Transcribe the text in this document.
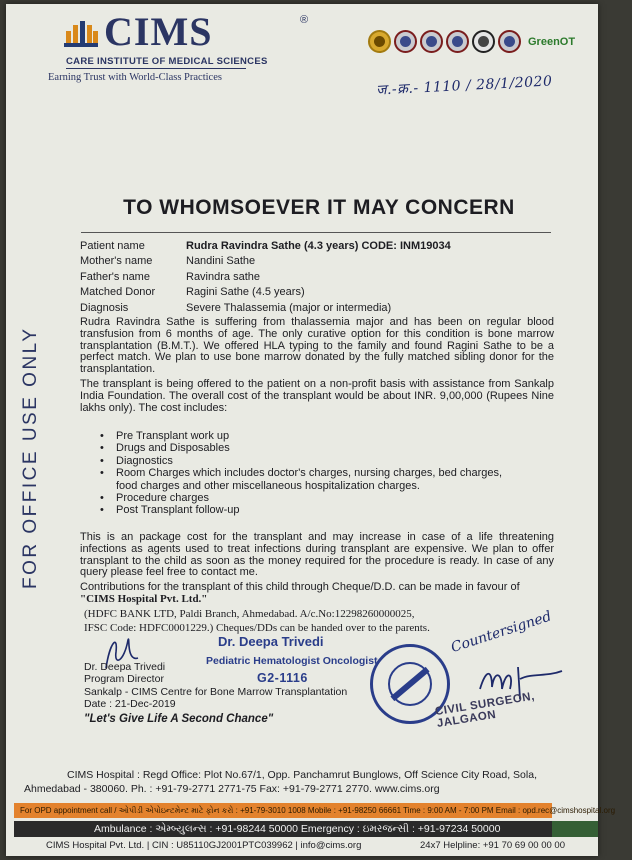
CIMS	®
CARE INSTITUTE OF MEDICAL SCIENCES
Earning Trust with World-Class Practices
GreenOT
ज.-क्र.- 1110 / 28/1/2020
FOR OFFICE USE ONLY
TO WHOMSOEVER IT MAY CONCERN
Patient name	Rudra Ravindra Sathe (4.3 years) CODE: INM19034
Mother's name	Nandini Sathe
Father's name	Ravindra sathe
Matched Donor	Ragini Sathe (4.5 years)
Diagnosis	Severe Thalassemia (major or intermedia)

Rudra Ravindra Sathe is suffering from thalassemia major and has been on regular blood transfusion from 6 months of age. The only curative option for this condition is bone marrow transplantation (B.M.T.). We offered HLA typing to the family and found Ragini Sathe to be a perfect match. We plan to use bone marrow donated by the fully matched sibling donor for the transplantation.

The transplant is being offered to the patient on a non-profit basis with assistance from Sankalp India Foundation. The overall cost of the transplant would be about INR. 9,00,000 (Rupees Nine lakhs only). The cost includes:

• Pre Transplant work up
• Drugs and Disposables
• Diagnostics
• Room Charges which includes doctor's charges, nursing charges, bed charges, food charges and other miscellaneous hospitalization charges.
• Procedure charges
• Post Transplant follow-up

This is an package cost for the transplant and may increase in case of a life threatening infections as agents used to treat infections during transplant are expensive. We plan to offer transplant to the child as soon as the money required for the procedure is ready. In case of any query please feel free to contact me.

Contributions for the transplant of this child through Cheque/D.D. can be made in favour of
"CIMS Hospital Pvt. Ltd."

(HDFC BANK LTD, Paldi Branch, Ahmedabad. A/c.No:12298260000025,
IFSC Code: HDFC0001229.) Cheques/DDs can be handed over to the parents.
Dr. Deepa Trivedi
Pediatric Hematologist Oncologist
G2-1116
Dr. Deepa Trivedi
Program Director
Sankalp - CIMS Centre for Bone Marrow Transplantation
Date : 21-Dec-2019
"Let's Give Life A Second Chance"
Countersigned
CIVIL SURGEON, JALGAON
CIMS Hospital : Regd Office: Plot No.67/1, Opp. Panchamrut Bunglows, Off Science City Road, Sola,
Ahmedabad - 380060. Ph. : +91-79-2771 2771-75 Fax: +91-79-2771 2770. www.cims.org
For OPD appointment call / ઓપીડી એપોઇન્ટમેન્ટ માટે ફોન કરો : +91-79-3010 1008 Mobile : +91-98250 66661 Time : 9:00 AM - 7:00 PM Email : opd.rec@cimshospital.org
Ambulance : એમ્બ્યુલન્સ : +91-98244 50000 Emergency : ઇમરજન્સી : +91-97234 50000
CIMS Hospital Pvt. Ltd. | CIN : U85110GJ2001PTC039962 | info@cims.org	24x7 Helpline: +91 70 69 00 00 00
